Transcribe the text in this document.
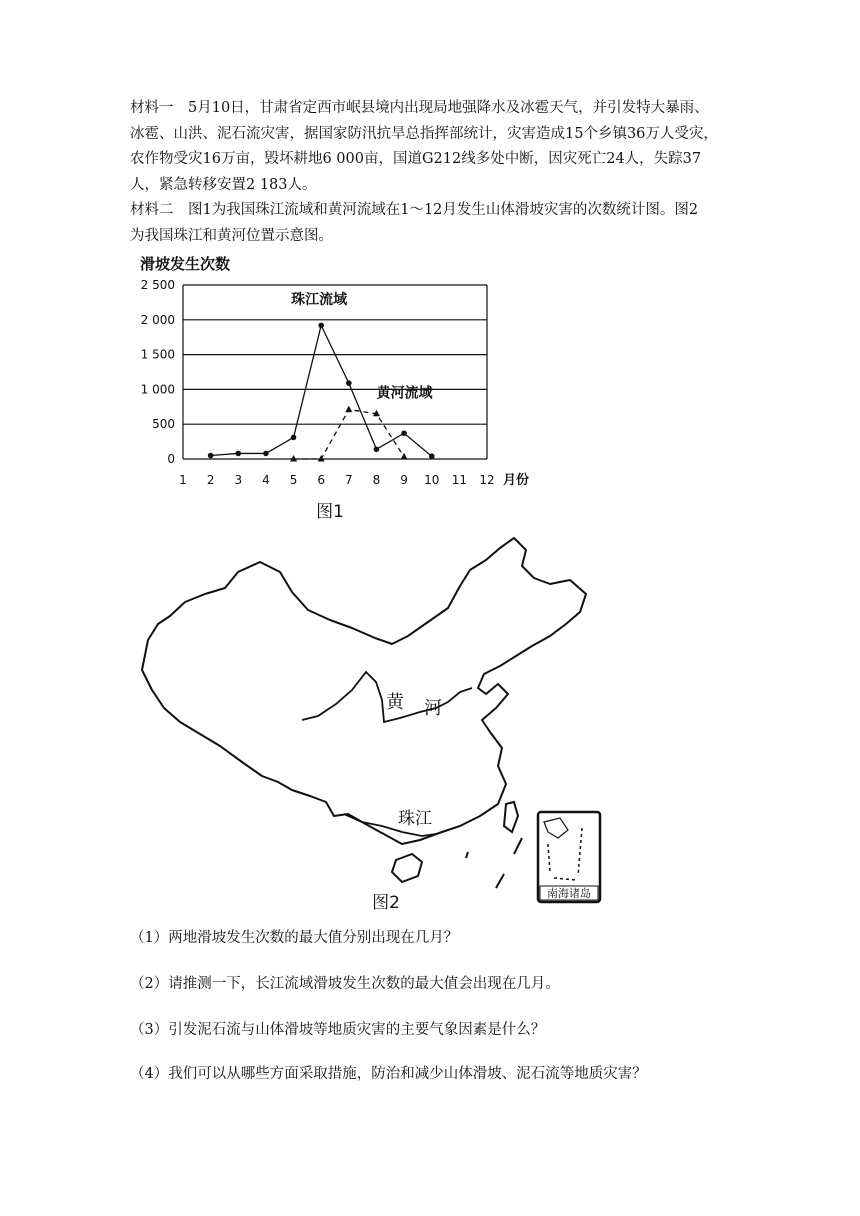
材料一　5月10日，甘肃省定西市岷县境内出现局地强降水及冰雹天气，并引发特大暴雨、
冰雹、山洪、泥石流灾害，据国家防汛抗旱总指挥部统计，灾害造成15个乡镇36万人受灾，
农作物受灾16万亩，毁坏耕地6 000亩，国道G212线多处中断，因灾死亡24人，失踪37
人，紧急转移安置2 183人。
材料二　图1为我国珠江流域和黄河流域在1～12月发生山体滑坡灾害的次数统计图。图2
为我国珠江和黄河位置示意图。
0
500
1 000
1 500
2 000
2 500
1 2 3 4 5 6 7 8 9 10 11 12
滑坡发生次数
月份
图1
珠江流域
黄河流域
南海诸岛
黄 河
珠江
图2

（1）两地滑坡发生次数的最大值分别出现在几月？

（2）请推测一下，长江流域滑坡发生次数的最大值会出现在几月。

（3）引发泥石流与山体滑坡等地质灾害的主要气象因素是什么？

（4）我们可以从哪些方面采取措施，防治和减少山体滑坡、泥石流等地质灾害？
